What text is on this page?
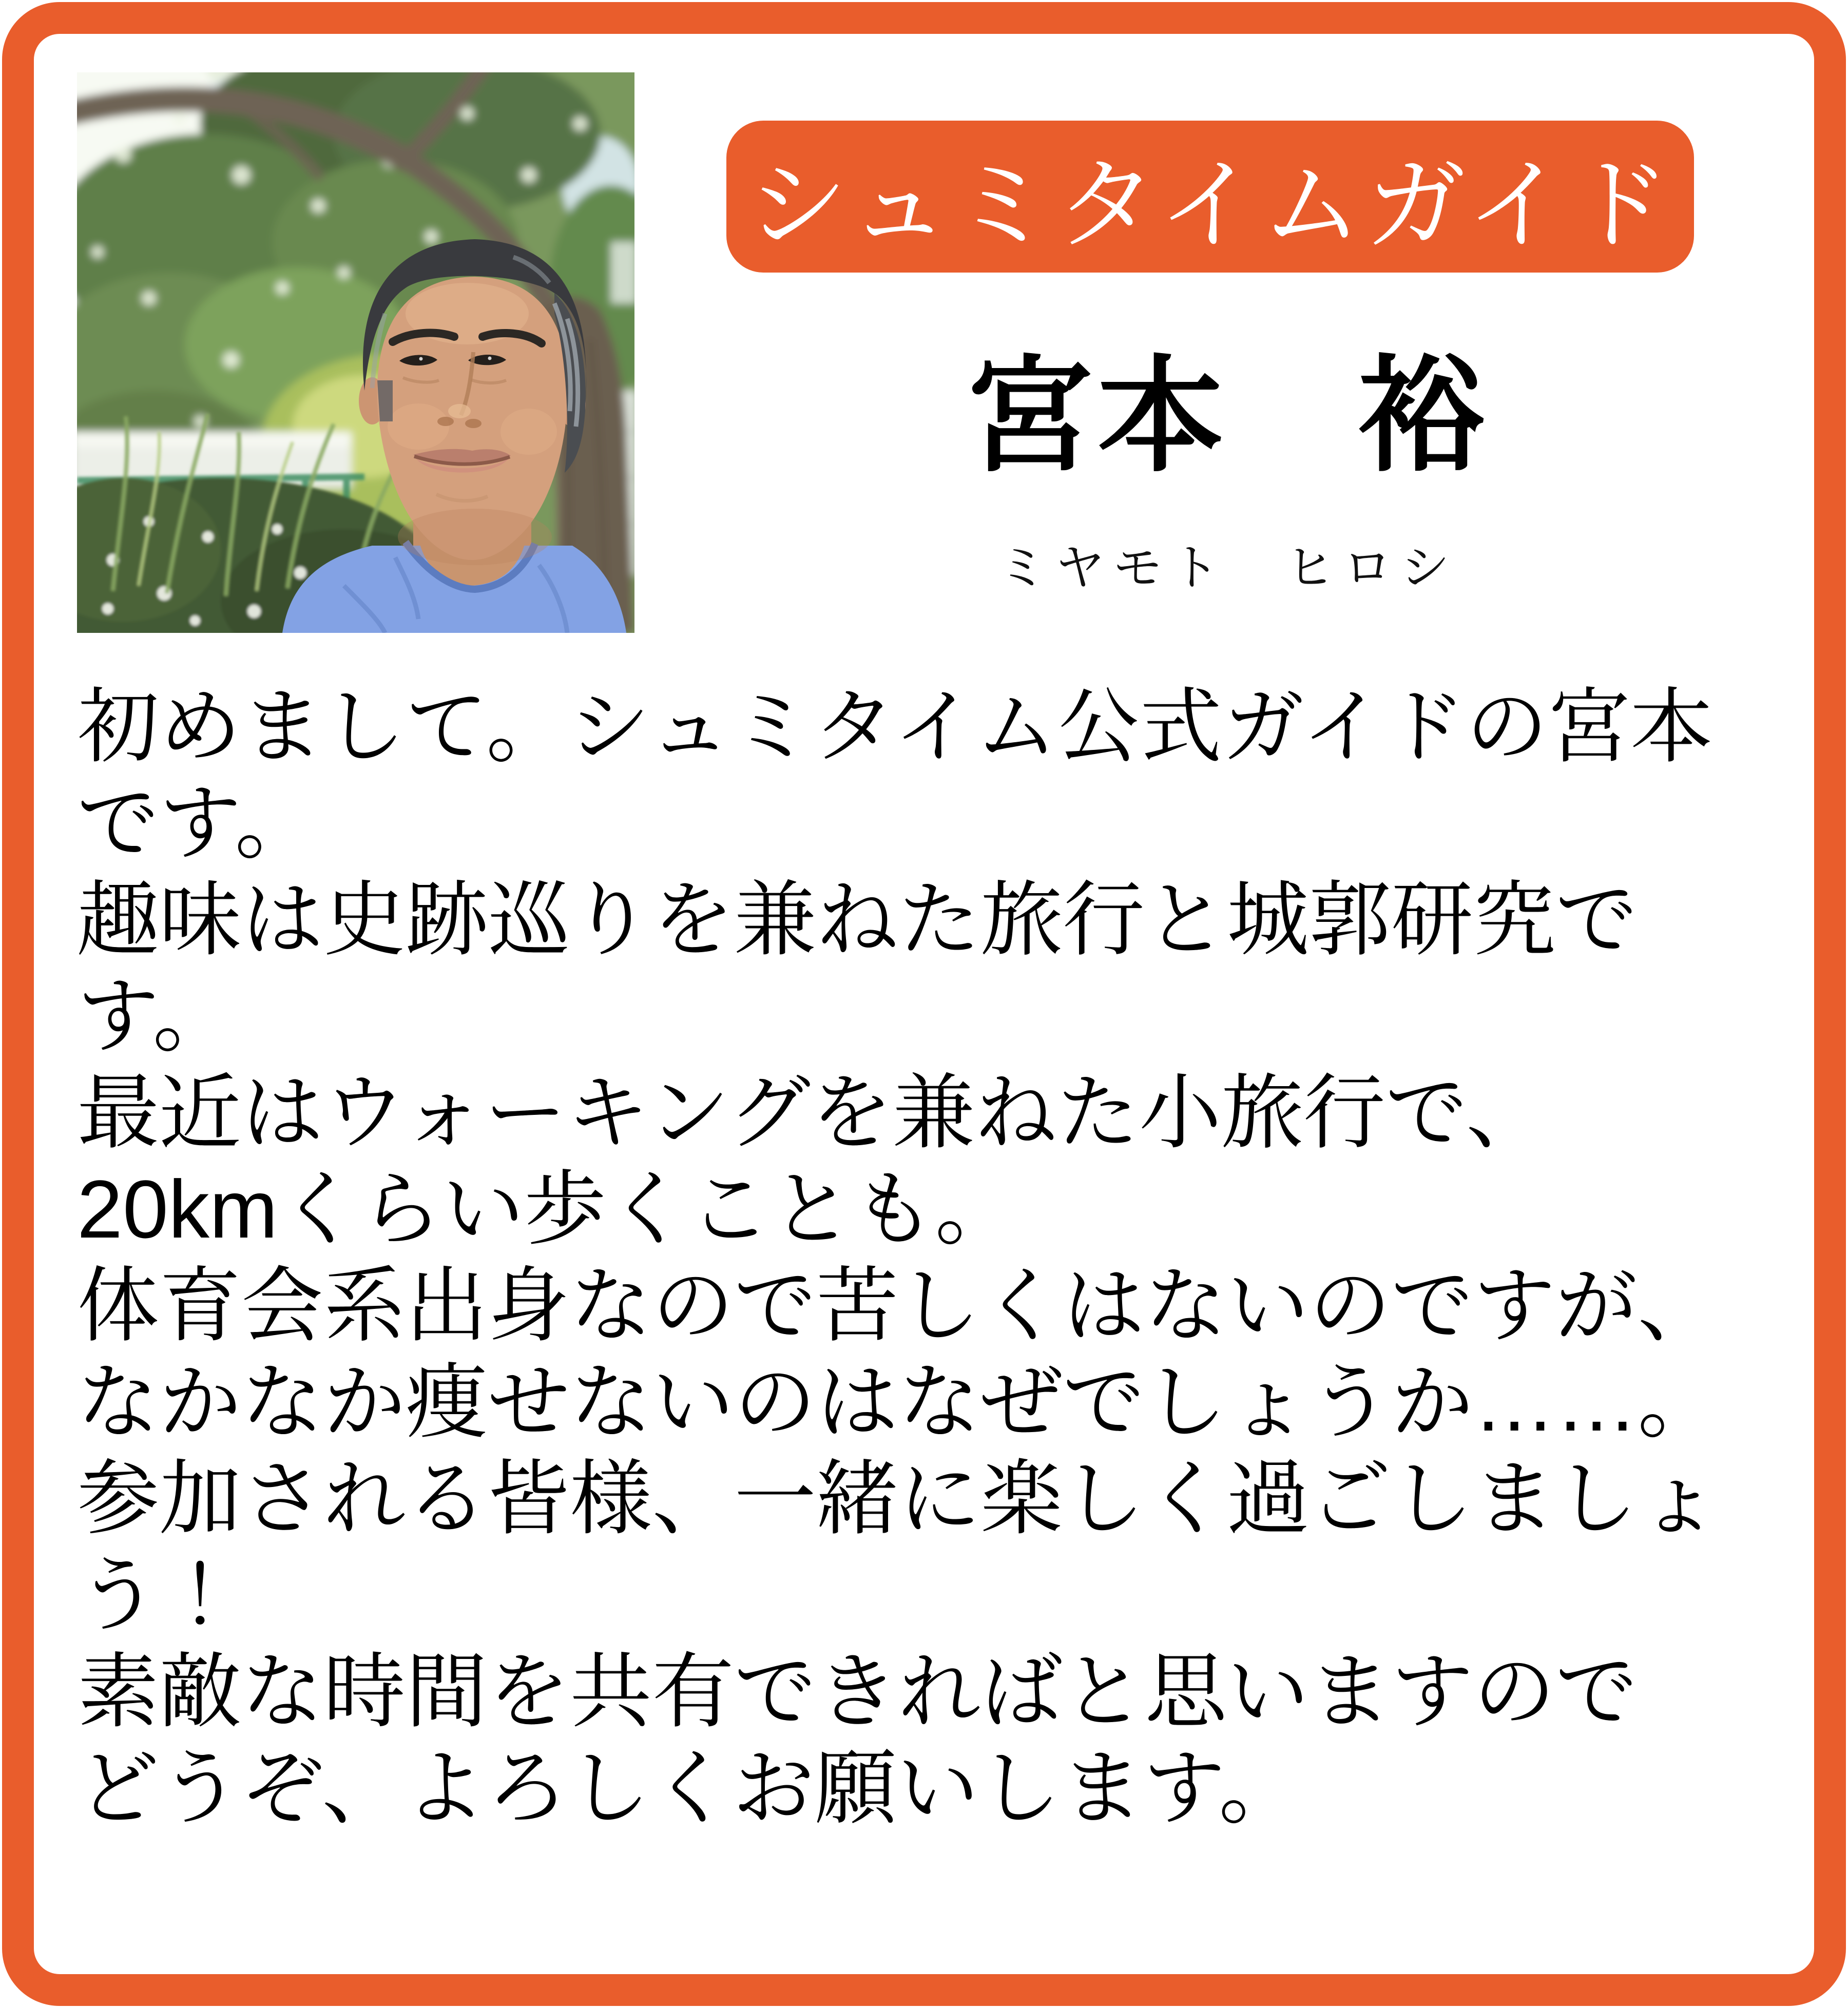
シュミタイムガイド
宮本　裕
ミヤモト　ヒロシ
初めまして。シュミタイム公式ガイドの宮本
です。
趣味は史跡巡りを兼ねた旅行と城郭研究で
す。
最近はウォーキングを兼ねた小旅行で、
20kmくらい歩くことも。
体育会系出身なので苦しくはないのですが、
なかなか痩せないのはなぜでしょうか……。
参加される皆様、一緒に楽しく過ごしましょ
う！
素敵な時間を共有できればと思いますので
どうぞ、よろしくお願いします。
